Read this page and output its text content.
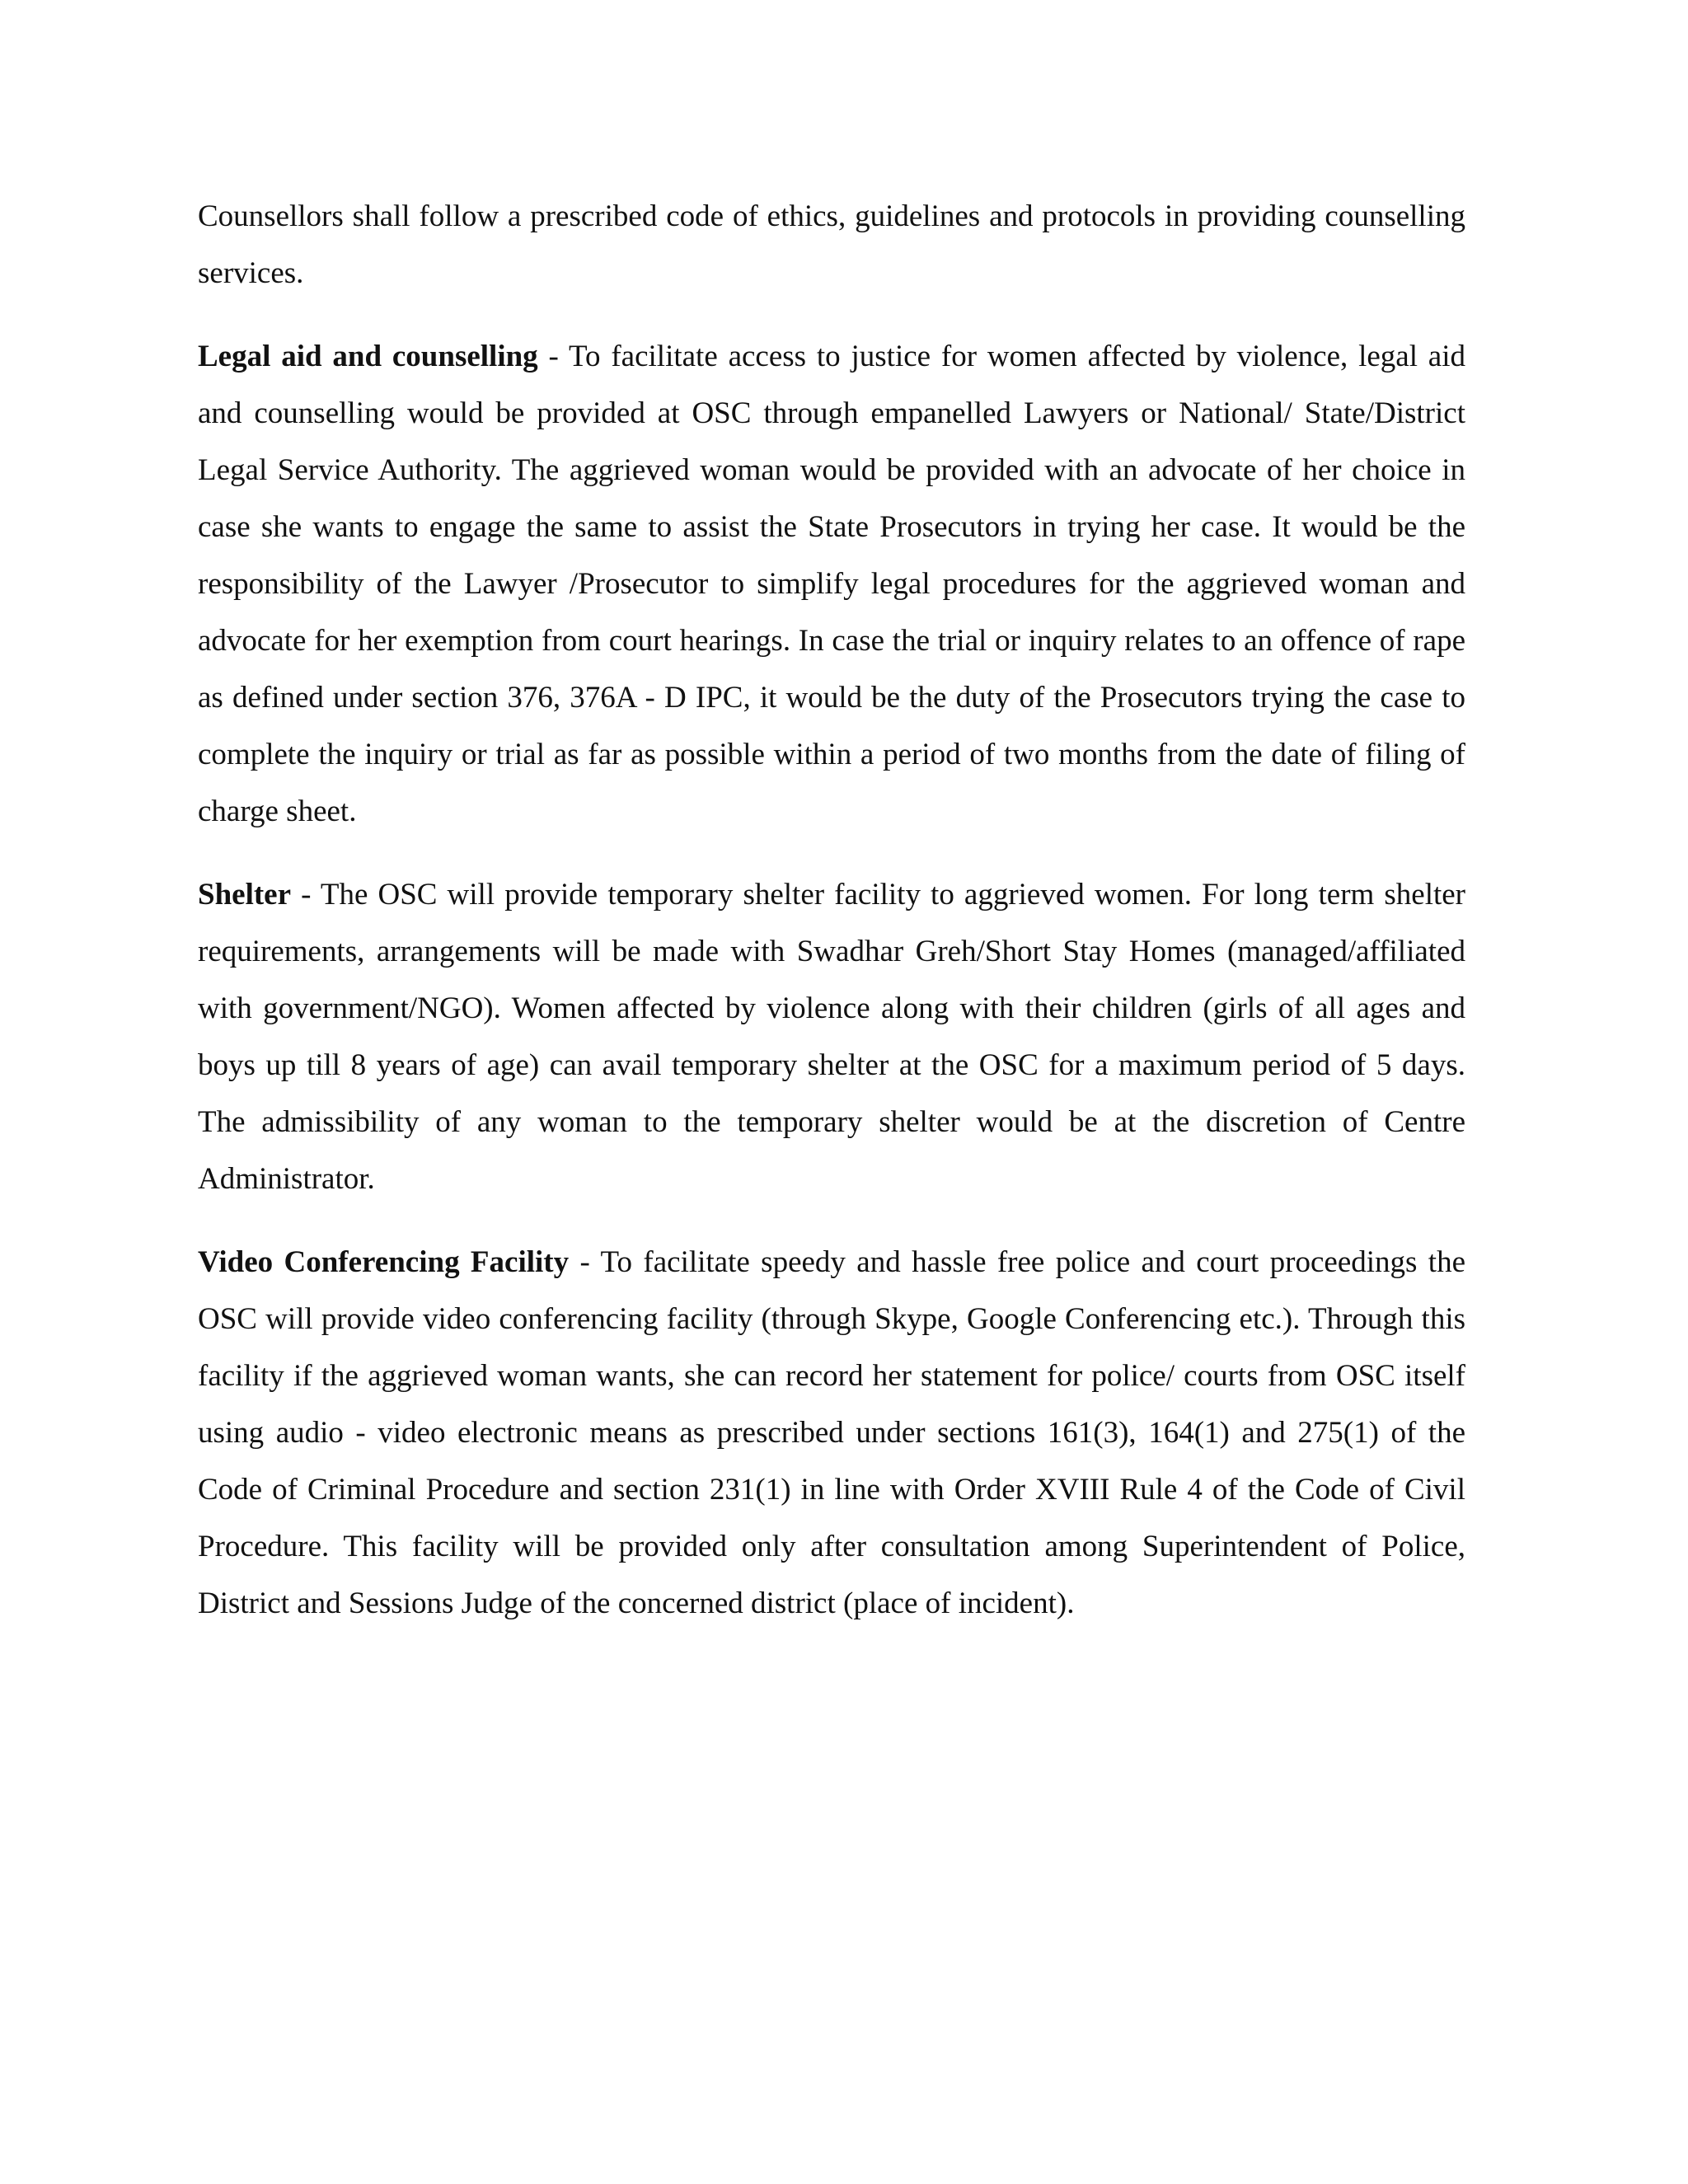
Counsellors shall follow a prescribed code of ethics, guidelines and protocols in providing counselling services.

Legal aid and counselling - To facilitate access to justice for women affected by violence, legal aid and counselling would be provided at OSC through empanelled Lawyers or National/ State/District Legal Service Authority. The aggrieved woman would be provided with an advocate of her choice in case she wants to engage the same to assist the State Prosecutors in trying her case. It would be the responsibility of the Lawyer /Prosecutor to simplify legal procedures for the aggrieved woman and advocate for her exemption from court hearings. In case the trial or inquiry relates to an offence of rape as defined under section 376, 376A - D IPC, it would be the duty of the Prosecutors trying the case to complete the inquiry or trial as far as possible within a period of two months from the date of filing of charge sheet.

Shelter - The OSC will provide temporary shelter facility to aggrieved women. For long term shelter requirements, arrangements will be made with Swadhar Greh/Short Stay Homes (managed/affiliated with government/NGO). Women affected by violence along with their children (girls of all ages and boys up till 8 years of age) can avail temporary shelter at the OSC for a maximum period of 5 days. The admissibility of any woman to the temporary shelter would be at the discretion of Centre Administrator.

Video Conferencing Facility - To facilitate speedy and hassle free police and court proceedings the OSC will provide video conferencing facility (through Skype, Google Conferencing etc.). Through this facility if the aggrieved woman wants, she can record her statement for police/ courts from OSC itself using audio - video electronic means as prescribed under sections 161(3), 164(1) and 275(1) of the Code of Criminal Procedure and section 231(1) in line with Order XVIII Rule 4 of the Code of Civil Procedure. This facility will be provided only after consultation among Superintendent of Police, District and Sessions Judge of the concerned district (place of incident).
